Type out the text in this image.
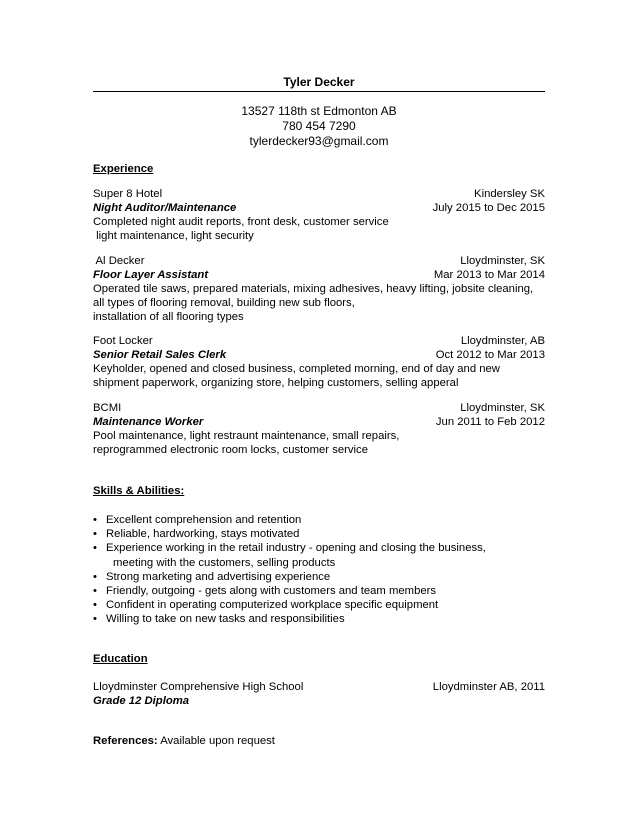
Tyler Decker
13527 118th st Edmonton AB
780 454 7290
tylerdecker93@gmail.com
Experience
Super 8 Hotel	Kindersley SK
Night Auditor/Maintenance	July 2015 to Dec 2015
Completed night audit reports, front desk, customer service
light maintenance, light security
Al Decker	Lloydminster, SK
Floor Layer Assistant	Mar 2013 to Mar 2014
Operated tile saws, prepared materials, mixing adhesives, heavy lifting, jobsite cleaning,
all types of flooring removal, building new sub floors,
installation of all flooring types
Foot Locker	Lloydminster, AB
Senior Retail Sales Clerk	Oct 2012 to Mar 2013
Keyholder, opened and closed business, completed morning, end of day and new
shipment paperwork, organizing store, helping customers, selling apperal
BCMI	Lloydminster, SK
Maintenance Worker	Jun 2011 to Feb 2012
Pool maintenance, light restraunt maintenance, small repairs,
reprogrammed electronic room locks, customer service
Skills & Abilities:
• Excellent comprehension and retention
• Reliable, hardworking, stays motivated
• Experience working in the retail industry - opening and closing the business,
meeting with the customers, selling products
• Strong marketing and advertising experience
• Friendly, outgoing - gets along with customers and team members
• Confident in operating computerized workplace specific equipment
• Willing to take on new tasks and responsibilities
Education
Lloydminster Comprehensive High School	Lloydminster AB, 2011
Grade 12 Diploma
References: Available upon request
